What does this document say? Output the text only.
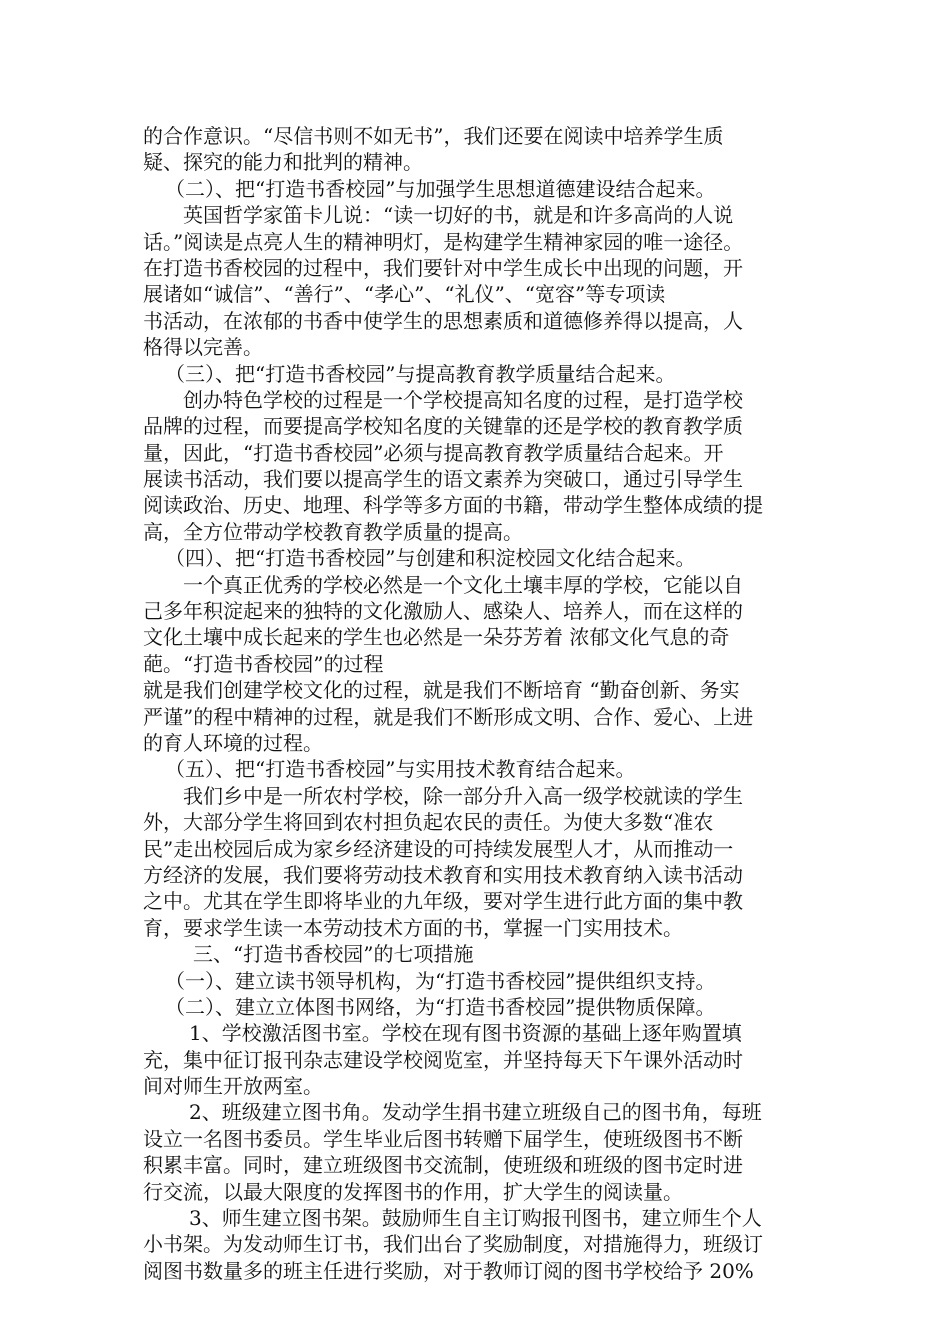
的合作意识。“尽信书则不如无书”，我们还要在阅读中培养学生质
疑、探究的能力和批判的精神。
（二）、把“打造书香校园”与加强学生思想道德建设结合起来。
英国哲学家笛卡儿说：“读一切好的书，就是和许多高尚的人说
话。”阅读是点亮人生的精神明灯，是构建学生精神家园的唯一途径。
在打造书香校园的过程中，我们要针对中学生成长中出现的问题，开
展诸如“诚信”、“善行”、“孝心”、“礼仪”、“宽容”等专项读
书活动，在浓郁的书香中使学生的思想素质和道德修养得以提高，人
格得以完善。
（三）、把“打造书香校园”与提高教育教学质量结合起来。
创办特色学校的过程是一个学校提高知名度的过程，是打造学校
品牌的过程，而要提高学校知名度的关键靠的还是学校的教育教学质
量，因此，“打造书香校园”必须与提高教育教学质量结合起来。开
展读书活动，我们要以提高学生的语文素养为突破口，通过引导学生
阅读政治、历史、地理、科学等多方面的书籍，带动学生整体成绩的提
高，全方位带动学校教育教学质量的提高。
（四）、把“打造书香校园”与创建和积淀校园文化结合起来。
一个真正优秀的学校必然是一个文化土壤丰厚的学校，它能以自
己多年积淀起来的独特的文化激励人、感染人、培养人，而在这样的
文化土壤中成长起来的学生也必然是一朵芬芳着 浓郁文化气息的奇
葩。“打造书香校园”的过程
就是我们创建学校文化的过程，就是我们不断培育 “勤奋创新、务实
严谨”的程中精神的过程，就是我们不断形成文明、合作、爱心、上进
的育人环境的过程。
（五）、把“打造书香校园”与实用技术教育结合起来。
我们乡中是一所农村学校，除一部分升入高一级学校就读的学生
外，大部分学生将回到农村担负起农民的责任。为使大多数“准农
民”走出校园后成为家乡经济建设的可持续发展型人才，从而推动一
方经济的发展，我们要将劳动技术教育和实用技术教育纳入读书活动
之中。尤其在学生即将毕业的九年级，要对学生进行此方面的集中教
育，要求学生读一本劳动技术方面的书，掌握一门实用技术。
三、“打造书香校园”的七项措施
（一）、建立读书领导机构，为“打造书香校园”提供组织支持。
（二）、建立立体图书网络，为“打造书香校园”提供物质保障。
1、学校激活图书室。学校在现有图书资源的基础上逐年购置填
充，集中征订报刊杂志建设学校阅览室，并坚持每天下午课外活动时
间对师生开放两室。
2、班级建立图书角。发动学生捐书建立班级自己的图书角，每班
设立一名图书委员。学生毕业后图书转赠下届学生，使班级图书不断
积累丰富。同时，建立班级图书交流制，使班级和班级的图书定时进
行交流，以最大限度的发挥图书的作用，扩大学生的阅读量。
3、师生建立图书架。鼓励师生自主订购报刊图书，建立师生个人
小书架。为发动师生订书，我们出台了奖励制度，对措施得力，班级订
阅图书数量多的班主任进行奖励，对于教师订阅的图书学校给予 20%
